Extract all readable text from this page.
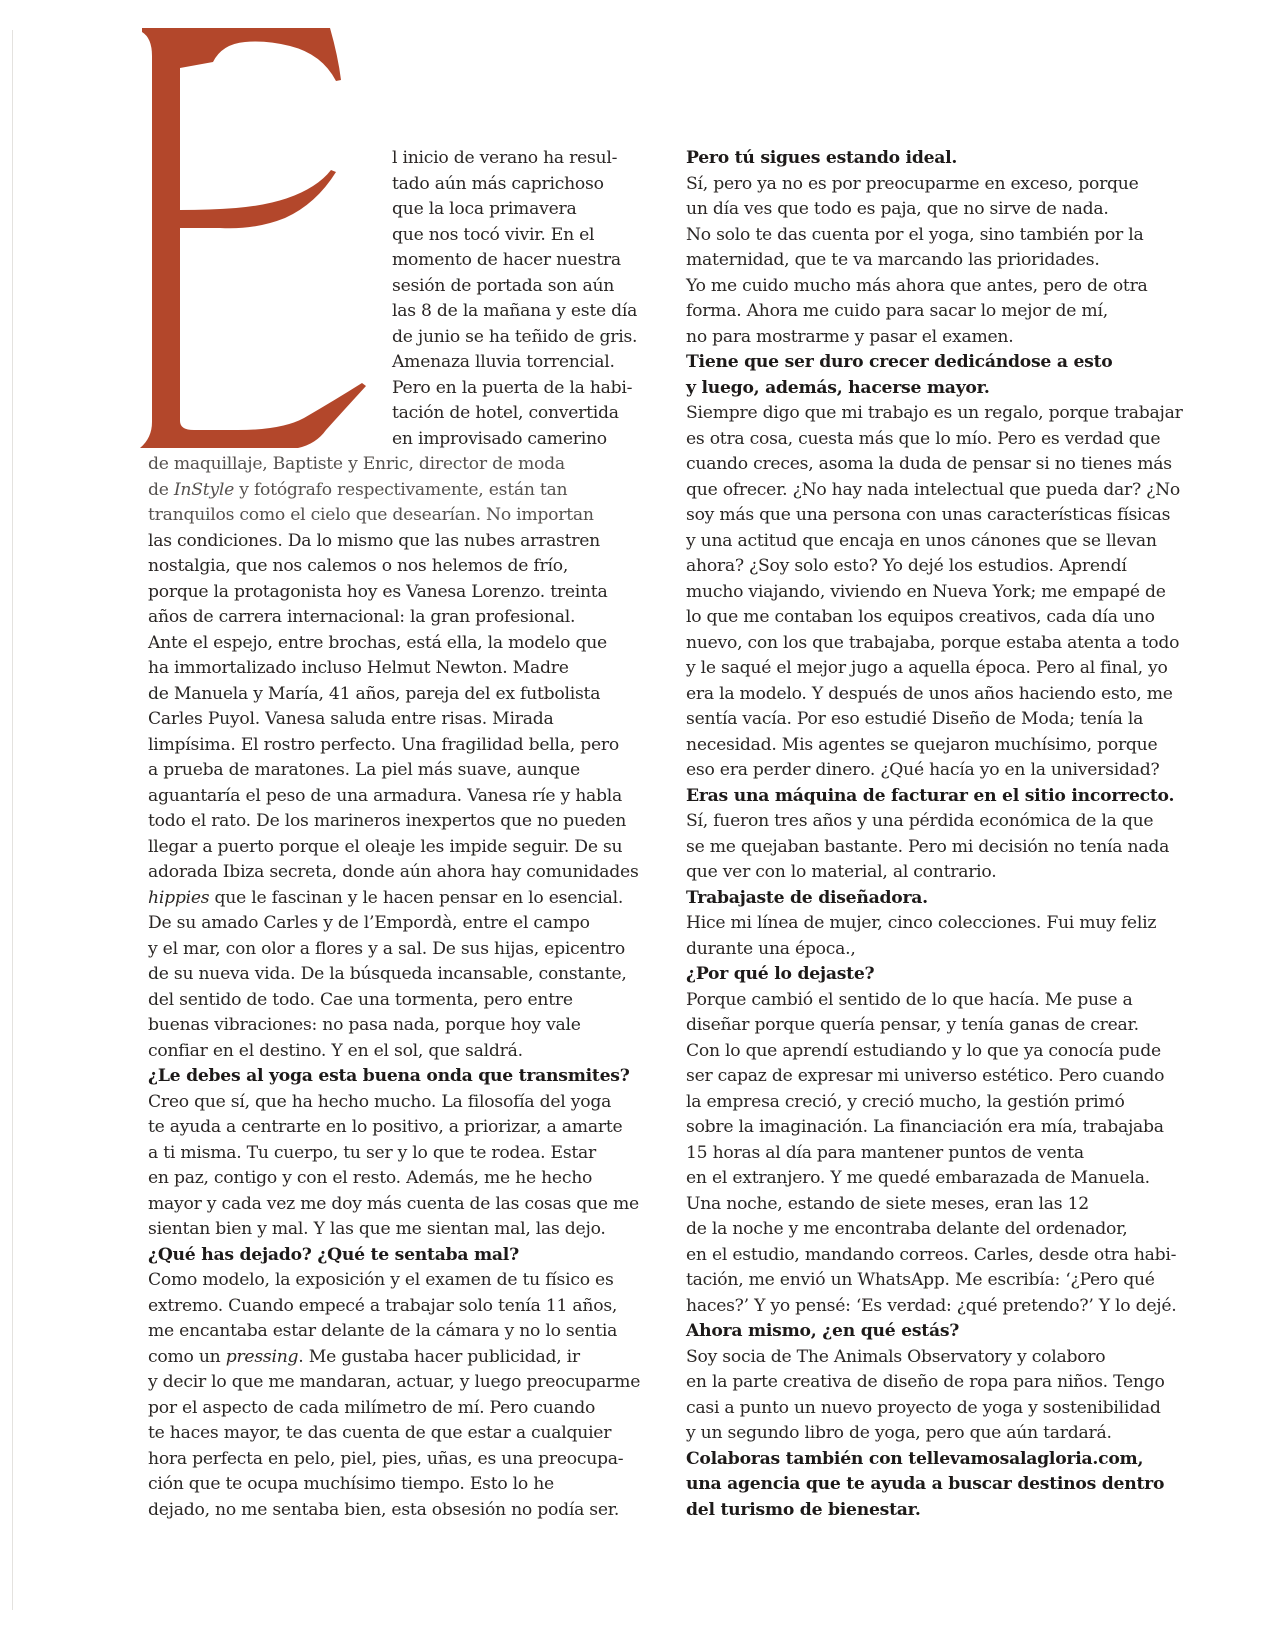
l inicio de verano ha resul-
tado aún más caprichoso
que la loca primavera
que nos tocó vivir. En el
momento de hacer nuestra
sesión de portada son aún
las 8 de la mañana y este día
de junio se ha teñido de gris.
Amenaza lluvia torrencial.
Pero en la puerta de la habi-
tación de hotel, convertida
en improvisado camerino
de maquillaje, Baptiste y Enric, director de moda
de InStyle y fotógrafo respectivamente, están tan
tranquilos como el cielo que desearían. No importan
las condiciones. Da lo mismo que las nubes arrastren
nostalgia, que nos calemos o nos helemos de frío,
porque la protagonista hoy es Vanesa Lorenzo. treinta
años de carrera internacional: la gran profesional.
Ante el espejo, entre brochas, está ella, la modelo que
ha immortalizado incluso Helmut Newton. Madre
de Manuela y María, 41 años, pareja del ex futbolista
Carles Puyol. Vanesa saluda entre risas. Mirada
limpísima. El rostro perfecto. Una fragilidad bella, pero
a prueba de maratones. La piel más suave, aunque
aguantaría el peso de una armadura. Vanesa ríe y habla
todo el rato. De los marineros inexpertos que no pueden
llegar a puerto porque el oleaje les impide seguir. De su
adorada Ibiza secreta, donde aún ahora hay comunidades
hippies que le fascinan y le hacen pensar en lo esencial.
De su amado Carles y de l’Empordà, entre el campo
y el mar, con olor a flores y a sal. De sus hijas, epicentro
de su nueva vida. De la búsqueda incansable, constante,
del sentido de todo. Cae una tormenta, pero entre
buenas vibraciones: no pasa nada, porque hoy vale
confiar en el destino. Y en el sol, que saldrá.
¿Le debes al yoga esta buena onda que transmites?
Creo que sí, que ha hecho mucho. La filosofía del yoga
te ayuda a centrarte en lo positivo, a priorizar, a amarte
a ti misma. Tu cuerpo, tu ser y lo que te rodea. Estar
en paz, contigo y con el resto. Además, me he hecho
mayor y cada vez me doy más cuenta de las cosas que me
sientan bien y mal. Y las que me sientan mal, las dejo.
¿Qué has dejado? ¿Qué te sentaba mal?
Como modelo, la exposición y el examen de tu físico es
extremo. Cuando empecé a trabajar solo tenía 11 años,
me encantaba estar delante de la cámara y no lo sentia
como un pressing. Me gustaba hacer publicidad, ir
y decir lo que me mandaran, actuar, y luego preocuparme
por el aspecto de cada milímetro de mí. Pero cuando
te haces mayor, te das cuenta de que estar a cualquier
hora perfecta en pelo, piel, pies, uñas, es una preocupa-
ción que te ocupa muchísimo tiempo. Esto lo he
dejado, no me sentaba bien, esta obsesión no podía ser.
Pero tú sigues estando ideal.
Sí, pero ya no es por preocuparme en exceso, porque
un día ves que todo es paja, que no sirve de nada.
No solo te das cuenta por el yoga, sino también por la
maternidad, que te va marcando las prioridades.
Yo me cuido mucho más ahora que antes, pero de otra
forma. Ahora me cuido para sacar lo mejor de mí,
no para mostrarme y pasar el examen.
Tiene que ser duro crecer dedicándose a esto
y luego, además, hacerse mayor.
Siempre digo que mi trabajo es un regalo, porque trabajar
es otra cosa, cuesta más que lo mío. Pero es verdad que
cuando creces, asoma la duda de pensar si no tienes más
que ofrecer. ¿No hay nada intelectual que pueda dar? ¿No
soy más que una persona con unas características físicas
y una actitud que encaja en unos cánones que se llevan
ahora? ¿Soy solo esto? Yo dejé los estudios. Aprendí
mucho viajando, viviendo en Nueva York; me empapé de
lo que me contaban los equipos creativos, cada día uno
nuevo, con los que trabajaba, porque estaba atenta a todo
y le saqué el mejor jugo a aquella época. Pero al final, yo
era la modelo. Y después de unos años haciendo esto, me
sentía vacía. Por eso estudié Diseño de Moda; tenía la
necesidad. Mis agentes se quejaron muchísimo, porque
eso era perder dinero. ¿Qué hacía yo en la universidad?
Eras una máquina de facturar en el sitio incorrecto.
Sí, fueron tres años y una pérdida económica de la que
se me quejaban bastante. Pero mi decisión no tenía nada
que ver con lo material, al contrario.
Trabajaste de diseñadora.
Hice mi línea de mujer, cinco colecciones. Fui muy feliz
durante una época.,
¿Por qué lo dejaste?
Porque cambió el sentido de lo que hacía. Me puse a
diseñar porque quería pensar, y tenía ganas de crear.
Con lo que aprendí estudiando y lo que ya conocía pude
ser capaz de expresar mi universo estético. Pero cuando
la empresa creció, y creció mucho, la gestión primó
sobre la imaginación. La financiación era mía, trabajaba
15 horas al día para mantener puntos de venta
en el extranjero. Y me quedé embarazada de Manuela.
Una noche, estando de siete meses, eran las 12
de la noche y me encontraba delante del ordenador,
en el estudio, mandando correos. Carles, desde otra habi-
tación, me envió un WhatsApp. Me escribía: ‘¿Pero qué
haces?’ Y yo pensé: ‘Es verdad: ¿qué pretendo?’ Y lo dejé.
Ahora mismo, ¿en qué estás?
Soy socia de The Animals Observatory y colaboro
en la parte creativa de diseño de ropa para niños. Tengo
casi a punto un nuevo proyecto de yoga y sostenibilidad
y un segundo libro de yoga, pero que aún tardará.
Colaboras también con tellevamosalagloria.com,
una agencia que te ayuda a buscar destinos dentro
del turismo de bienestar.
